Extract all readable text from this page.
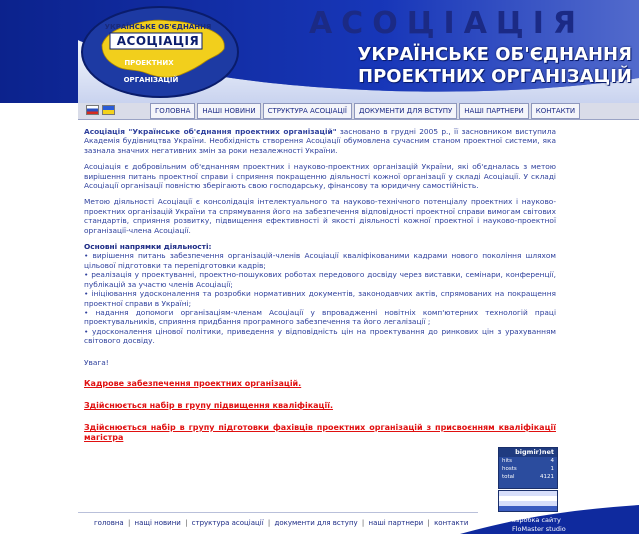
УКРАЇНСЬКЕ ОБ'ЄДНАННЯ
АСОЦІАЦІЯ
ПРОЕКТНИХ
ОРГАНІЗАЦІЙ
АСОЦІАЦІЯ
УКРАЇНСЬКЕ ОБ'ЄДНАННЯ
ПРОЕКТНИХ ОРГАНІЗАЦІЙ
ГОЛОВНА	НАШІ НОВИНИ	СТРУКТУРА АСОЦІАЦІЇ	ДОКУМЕНТИ ДЛЯ ВСТУПУ	НАШІ ПАРТНЕРИ	КОНТАКТИ

Асоціація "Українське об'єднання проектних організацій" засновано в грудні 2005 р., її засновником виступила Академія будівництва України. Необхідність створення Асоціації обумовлена сучасним станом проектної системи, яка зазнала значних негативних змін за роки незалежності України.

Асоціація є добровільним об'єднанням проектних і науково-проектних організацій України, які об'єдналась з метою вирішення питань проектної справи і сприяння покращенню діяльності кожної організації у складі Асоціації. У складі Асоціації організації повністю зберігають свою господарську, фінансову та юридичну самостійність.

Метою діяльності Асоціації є консолідація інтелектуального та науково-технічного потенціалу проектних і науково-проектних організацій України та спрямування його на забезпечення відповідності проектної справи вимогам світових стандартів, сприяння розвитку, підвищення ефективності й якості діяльності кожної проектної і науково-проектної організації-члена Асоціації.

Основні напрямки діяльності:
• вирішення питань забезпечення організацій-членів Асоціації кваліфікованими кадрами нового покоління шляхом цільової підготовки та перепідготовки кадрів;
• реалізація у проектуванні, проектно-пошукових роботах передового досвіду через виставки, семінари, конференції, публікацій за участю членів Асоціації;
• ініціювання удосконалення та розробки нормативних документів, законодавчих актів, спрямованих на покращення проектної справи в Україні;
• надання допомоги організаціям-членам Асоціації у впровадженні новітніх комп'ютерних технологій праці проектувальників, сприяння придбання програмного забезпечення та його легалізації ;
• удосконалення цінової політики, приведення у відповідність цін на проектування до ринкових цін з урахуванням світового досвіду.
Увага!
Кадрове забезпечення проектних організацій.
Здійснюється набір в групу підвищення кваліфікації.
Здійснюється набір в групу підготовки фахівців проектних організацій з присвоєнням кваліфікації магістра
bigmir)net
hits	4
hosts	1
total	4121
головна | нащі новини | структура асоціації | документи для вступу | наші партнери | контакти	Разробка сайту
FloMaster studio
